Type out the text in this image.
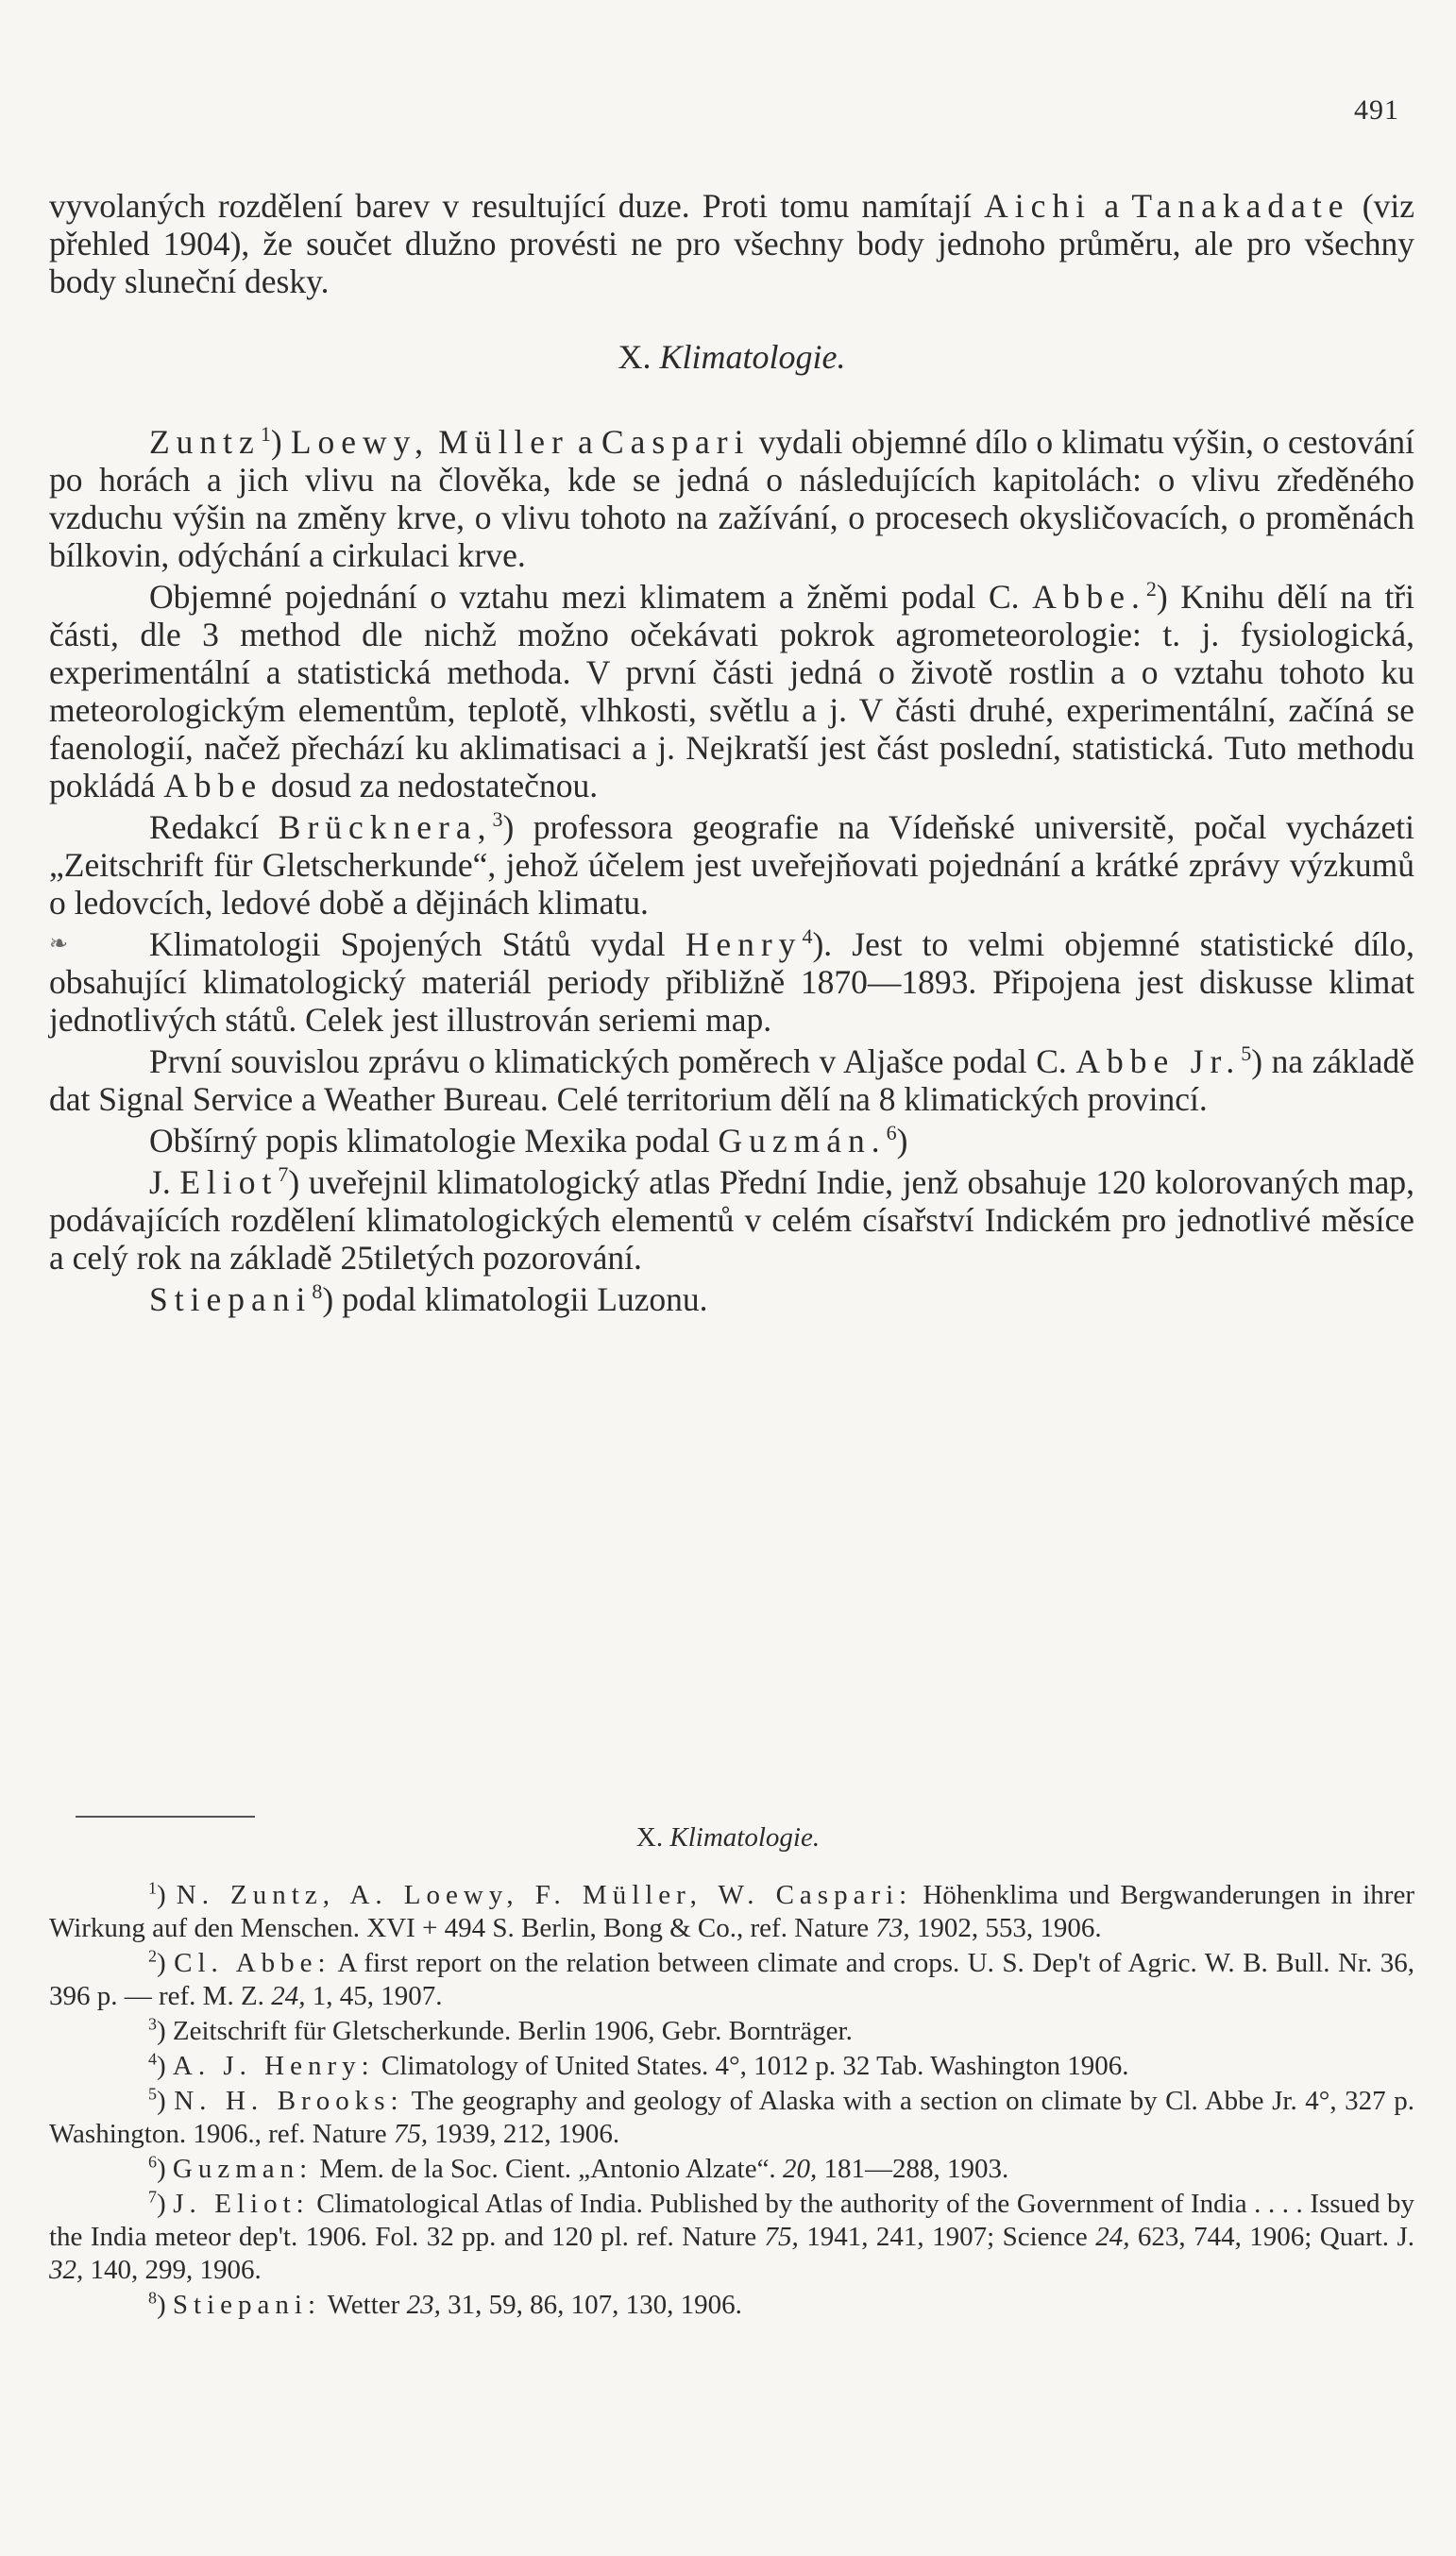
491

vyvolaných rozdělení barev v resultující duze. Proti tomu namítají Aichi a Tanakadate (viz přehled 1904), že součet dlužno provésti ne pro všechny body jednoho průměru, ale pro všechny body sluneční desky.

X. Klimatologie.

Zuntz$^1$) Loewy, Müller a Caspari vydali objemné dílo o klimatu výšin, o cestování po horách a jich vlivu na člověka, kde se jedná o následujících kapitolách: o vlivu zředěného vzduchu výšin na změny krve, o vlivu tohoto na zažívání, o procesech okysličovacích, o proměnách bílkovin, odýchání a cirkulaci krve.

Objemné pojednání o vztahu mezi klimatem a žněmi podal C. Abbe.$^2$) Knihu dělí na tři části, dle 3 method dle nichž možno očekávati pokrok agrometeorologie: t. j. fysiologická, experimentální a statistická methoda. V první části jedná o životě rostlin a o vztahu tohoto ku meteorologickým elementům, teplotě, vlhkosti, světlu a j. V části druhé, experimentální, začíná se faenologií, načež přechází ku aklimatisaci a j. Nejkratší jest část poslední, statistická. Tuto methodu pokládá Abbe dosud za nedostatečnou.

Redakcí Brücknera,$^3$) professora geografie na Vídeňské universitě, počal vycházeti „Zeitschrift für Gletscherkunde“, jehož účelem jest uveřejňovati pojednání a krátké zprávy výzkumů o ledovcích, ledové době a dějinách klimatu.

❧ Klimatologii Spojených Států vydal Henry$^4$). Jest to velmi objemné statistické dílo, obsahující klimatologický materiál periody přibližně 1870—1893. Připojena jest diskusse klimat jednotlivých států. Celek jest illustrován seriemi map.

První souvislou zprávu o klimatických poměrech v Aljašce podal C. Abbe Jr.$^5$) na základě dat Signal Service a Weather Bureau. Celé territorium dělí na 8 klimatických provincí.

Obšírný popis klimatologie Mexika podal Guzmán.$^6$)

J. Eliot$^7$) uveřejnil klimatologický atlas Přední Indie, jenž obsahuje 120 kolorovaných map, podávajících rozdělení klimatologických elementů v celém císařství Indickém pro jednotlivé měsíce a celý rok na základě 25tiletých pozorování.

Stiepani$^8$) podal klimatologii Luzonu.

X. Klimatologie.

$^1$) N. Zuntz, A. Loewy, F. Müller, W. Caspari: Höhenklima und Bergwanderungen in ihrer Wirkung auf den Menschen. XVI + 494 S. Berlin, Bong & Co., ref. Nature 73, 1902, 553, 1906.

$^2$) Cl. Abbe: A first report on the relation between climate and crops. U. S. Dep't of Agric. W. B. Bull. Nr. 36, 396 p. — ref. M. Z. 24, 1, 45, 1907.

$^3$) Zeitschrift für Gletscherkunde. Berlin 1906, Gebr. Bornträger.

$^4$) A. J. Henry: Climatology of United States. 4°, 1012 p. 32 Tab. Washington 1906.

$^5$) N. H. Brooks: The geography and geology of Alaska with a section on climate by Cl. Abbe Jr. 4°, 327 p. Washington. 1906., ref. Nature 75, 1939, 212, 1906.

$^6$) Guzman: Mem. de la Soc. Cient. „Antonio Alzate“. 20, 181—288, 1903.

$^7$) J. Eliot: Climatological Atlas of India. Published by the authority of the Government of India . . . . Issued by the India meteor dep't. 1906. Fol. 32 pp. and 120 pl. ref. Nature 75, 1941, 241, 1907; Science 24, 623, 744, 1906; Quart. J. 32, 140, 299, 1906.

$^8$) Stiepani: Wetter 23, 31, 59, 86, 107, 130, 1906.
